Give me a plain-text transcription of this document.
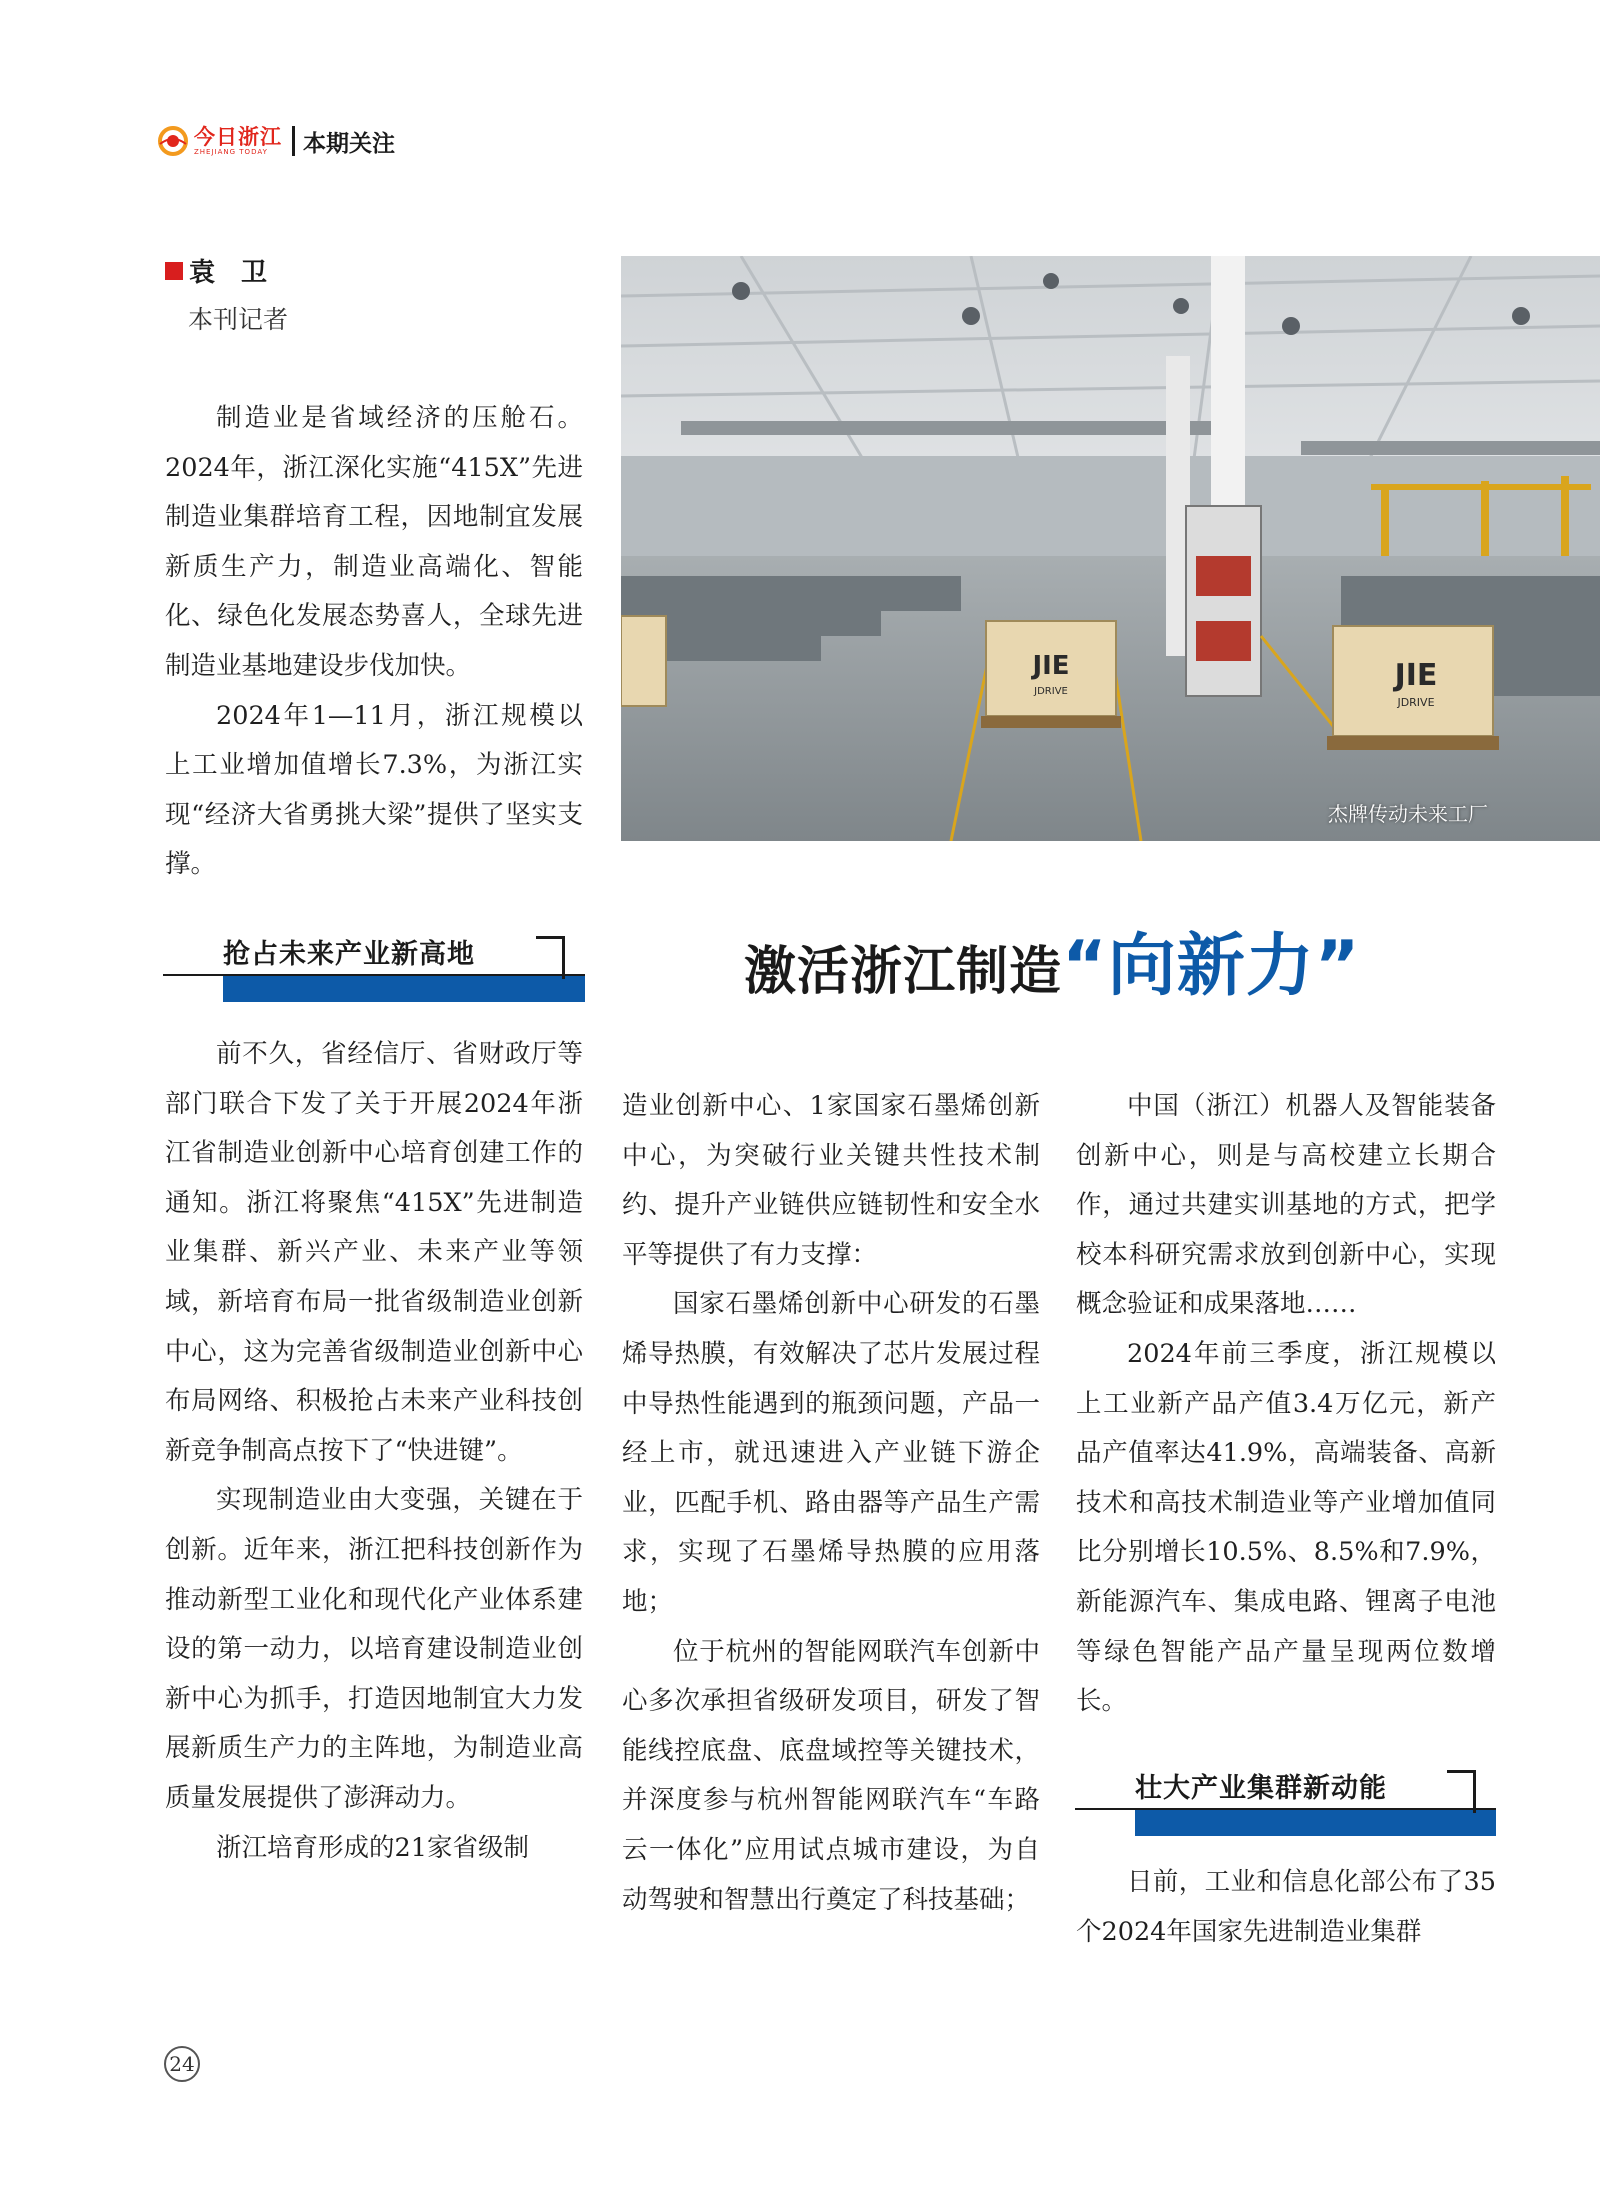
今日浙江
ZHEJIANG TODAY	本期关注
袁　卫
本刊记者

制造业是省域经济的压舱石。2024年，浙江深化实施“415X”先进制造业集群培育工程，因地制宜发展新质生产力，制造业高端化、智能化、绿色化发展态势喜人，全球先进制造业基地建设步伐加快。

2024年1—11月，浙江规模以上工业增加值增长7.3%，为浙江实现“经济大省勇挑大梁”提供了坚实支撑。

JIE
JDRIVE	JIE
JDRIVE
杰牌传动未来工厂
抢占未来产业新高地	激活浙江制造“向新力”

前不久，省经信厅、省财政厅等部门联合下发了关于开展2024年浙江省制造业创新中心培育创建工作的通知。浙江将聚焦“415X”先进制造业集群、新兴产业、未来产业等领域，新培育布局一批省级制造业创新中心，这为完善省级制造业创新中心布局网络、积极抢占未来产业科技创新竞争制高点按下了“快进键”。

实现制造业由大变强，关键在于创新。近年来，浙江把科技创新作为推动新型工业化和现代化产业体系建设的第一动力，以培育建设制造业创新中心为抓手，打造因地制宜大力发展新质生产力的主阵地，为制造业高质量发展提供了澎湃动力。

浙江培育形成的21家省级制

造业创新中心、1家国家石墨烯创新中心，为突破行业关键共性技术制约、提升产业链供应链韧性和安全水平等提供了有力支撑：

国家石墨烯创新中心研发的石墨烯导热膜，有效解决了芯片发展过程中导热性能遇到的瓶颈问题，产品一经上市，就迅速进入产业链下游企业，匹配手机、路由器等产品生产需求，实现了石墨烯导热膜的应用落地；

位于杭州的智能网联汽车创新中心多次承担省级研发项目，研发了智能线控底盘、底盘域控等关键技术，并深度参与杭州智能网联汽车“车路云一体化”应用试点城市建设，为自动驾驶和智慧出行奠定了科技基础；

中国（浙江）机器人及智能装备创新中心，则是与高校建立长期合作，通过共建实训基地的方式，把学校本科研究需求放到创新中心，实现概念验证和成果落地……

2024年前三季度，浙江规模以上工业新产品产值3.4万亿元，新产品产值率达41.9%，高端装备、高新技术和高技术制造业等产业增加值同比分别增长10.5%、8.5%和7.9%，新能源汽车、集成电路、锂离子电池等绿色智能产品产量呈现两位数增长。

壮大产业集群新动能

日前，工业和信息化部公布了35个2024年国家先进制造业集群

24
